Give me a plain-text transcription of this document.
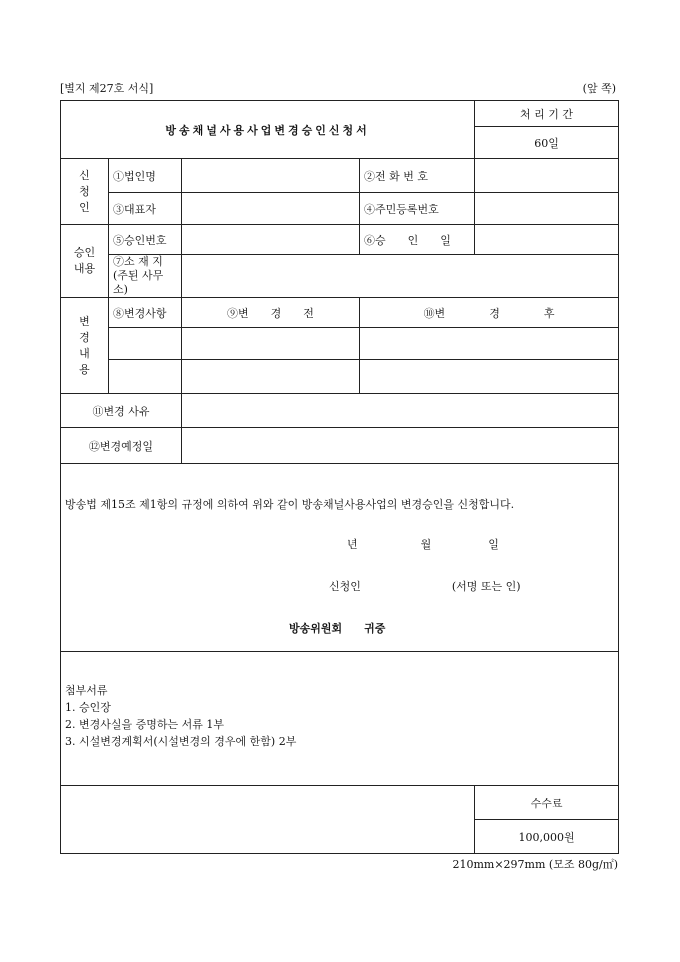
[별지 제27호 서식]	(앞 쪽)
방송채널사용사업변경승인신청서				처 리 기 간
				60일
신
청
인	①법인명		②전 화 번 호	
	③대표자		④주민등록번호	
승인
내용	⑤승인번호		⑥승　　인　　일	

	⑦소 재 지
(주된 사무소)			

변
경
내
용	⑧변경사항	⑨변　　경　　전	⑩변　　　　경　　　　후	

⑪변경 사유				
⑫변경예정일				

방송법 제15조 제1항의 규정에 의하여 위와 같이 방송채널사용사업의 변경승인을 신청합니다.
년 월 일
신청인 (서명 또는 인)
방송위원회　　귀중				

첨부서류
1. 승인장
2. 변경사실을 증명하는 서류 1부
3. 시설변경계획서(시설변경의 경우에 한함) 2부				

				수수료
				100,000원
210mm×297mm (모조 80g/㎡)
